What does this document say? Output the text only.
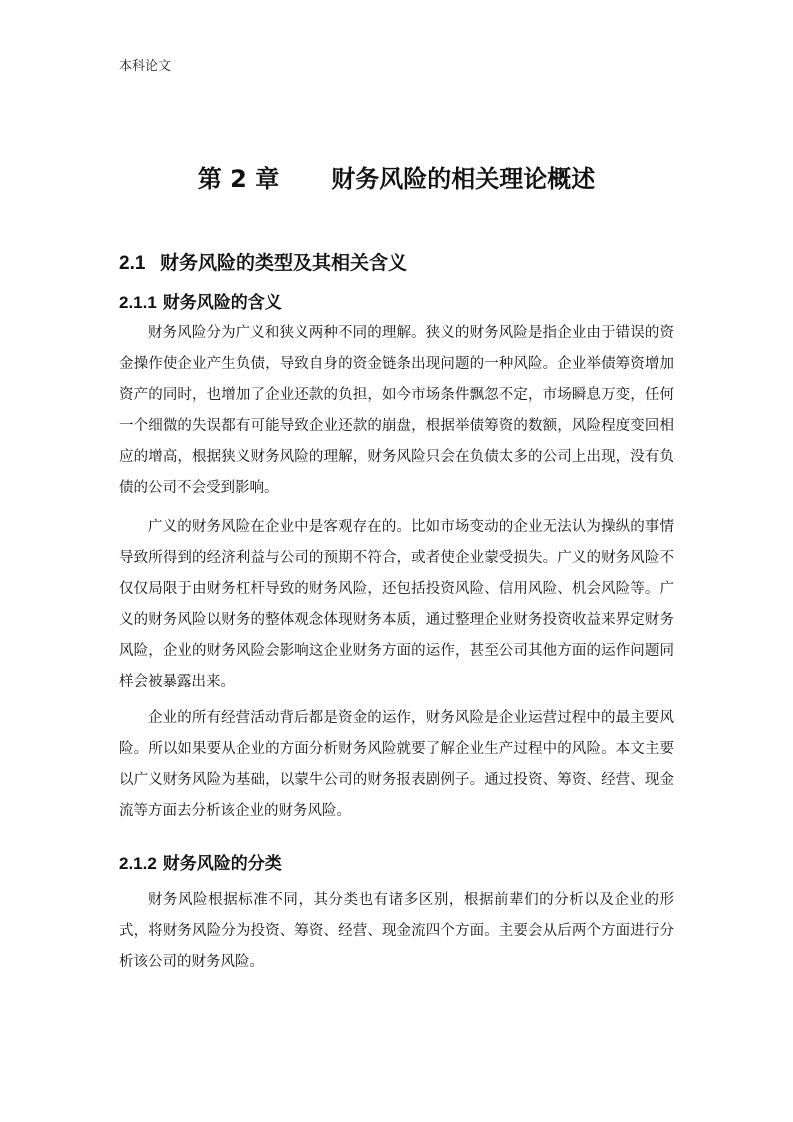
本科论文
第 2 章 财务风险的相关理论概述
2.1 财务风险的类型及其相关含义
2.1.1 财务风险的含义

财务风险分为广义和狭义两种不同的理解。狭义的财务风险是指企业由于错误的资金操作使企业产生负债，导致自身的资金链条出现问题的一种风险。企业举债筹资增加资产的同时，也增加了企业还款的负担，如今市场条件飘忽不定，市场瞬息万变，任何一个细微的失误都有可能导致企业还款的崩盘，根据举债筹资的数额，风险程度变回相应的增高，根据狭义财务风险的理解，财务风险只会在负债太多的公司上出现，没有负债的公司不会受到影响。

广义的财务风险在企业中是客观存在的。比如市场变动的企业无法认为操纵的事情导致所得到的经济利益与公司的预期不符合，或者使企业蒙受损失。广义的财务风险不仅仅局限于由财务杠杆导致的财务风险，还包括投资风险、信用风险、机会风险等。广义的财务风险以财务的整体观念体现财务本质，通过整理企业财务投资收益来界定财务风险，企业的财务风险会影响这企业财务方面的运作，甚至公司其他方面的运作问题同样会被暴露出来。

企业的所有经营活动背后都是资金的运作，财务风险是企业运营过程中的最主要风险。所以如果要从企业的方面分析财务风险就要了解企业生产过程中的风险。本文主要以广义财务风险为基础，以蒙牛公司的财务报表剧例子。通过投资、筹资、经营、现金流等方面去分析该企业的财务风险。

2.1.2 财务风险的分类

财务风险根据标准不同，其分类也有诸多区别，根据前辈们的分析以及企业的形式，将财务风险分为投资、筹资、经营、现金流四个方面。主要会从后两个方面进行分析该公司的财务风险。
